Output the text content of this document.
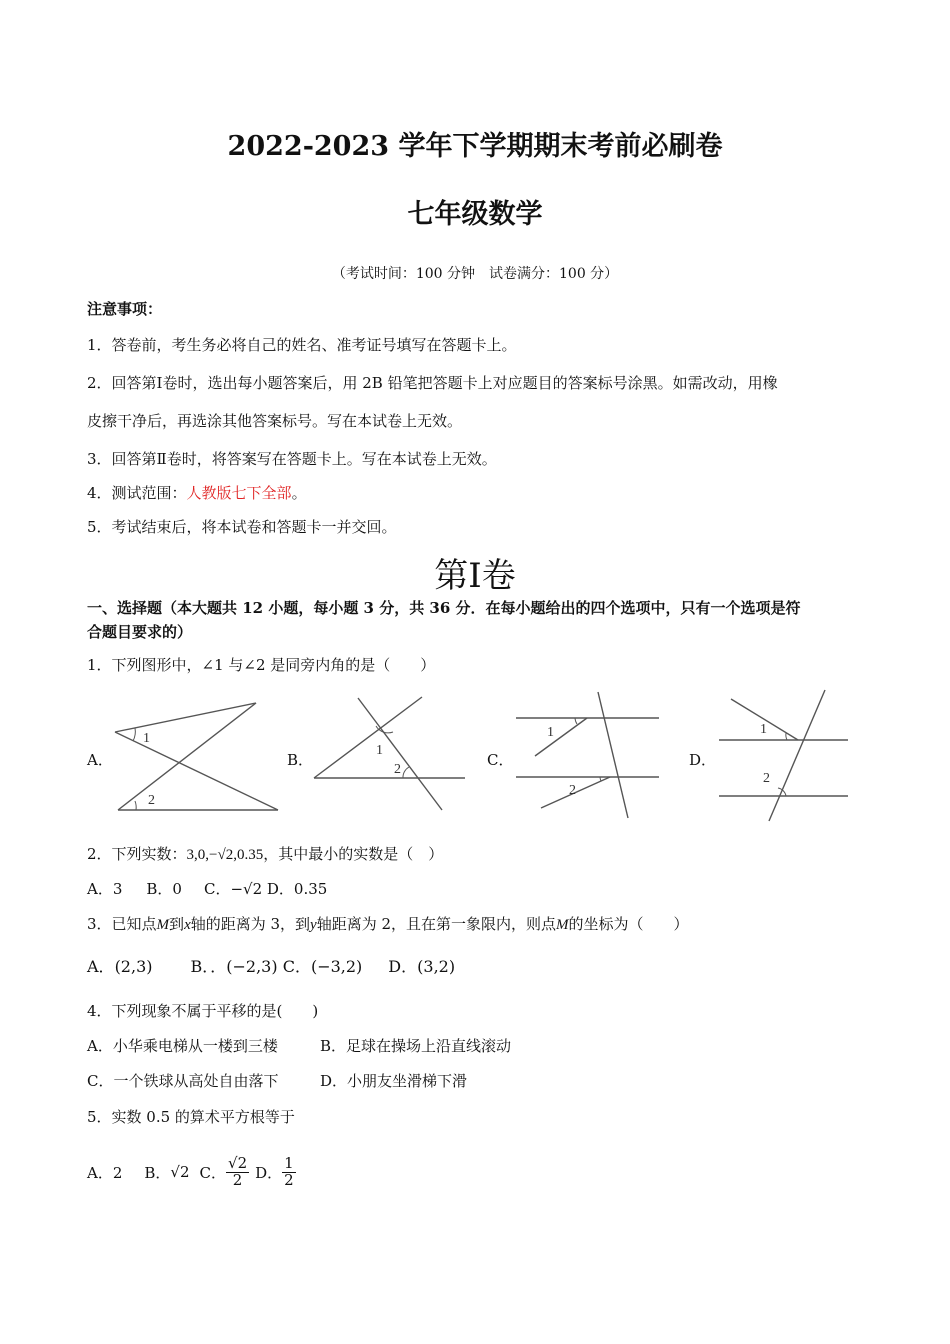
2022-2023 学年下学期期末考前必刷卷
七年级数学
（考试时间：100 分钟　试卷满分：100 分）
注意事项：
1．答卷前，考生务必将自己的姓名、准考证号填写在答题卡上。
2．回答第Ⅰ卷时，选出每小题答案后，用 2B 铅笔把答题卡上对应题目的答案标号涂黑。如需改动，用橡
皮擦干净后，再选涂其他答案标号。写在本试卷上无效。
3．回答第Ⅱ卷时，将答案写在答题卡上。写在本试卷上无效。
4．测试范围：人教版七下全部。
5．考试结束后，将本试卷和答题卡一并交回。
第Ⅰ卷
一、选择题（本大题共 12 小题，每小题 3 分，共 36 分．在每小题给出的四个选项中，只有一个选项是符
合题目要求的）
1．下列图形中，∠1 与∠2 是同旁内角的是（　　）
A．	B．	C．	D．
1
2
1
2
1
2
1
2
2．下列实数：3,0,−√2,0.35，其中最小的实数是（　）
A．3 B．0 C．−√2 D．0.35
3．已知点M到x轴的距离为 3，到y轴距离为 2，且在第一象限内，则点M的坐标为（　　）
A．(2,3) B．．(−2,3) C．(−3,2) D．(3,2)
4．下列现象不属于平移的是(　　)
A．小华乘电梯从一楼到三楼	B．足球在操场上沿直线滚动
C．一个铁球从高处自由落下	D．小朋友坐滑梯下滑
5．实数 0.5 的算术平方根等于
A．2 B． √2 C． $\frac{√2}{2}$ D． $\frac{1}{2}$
